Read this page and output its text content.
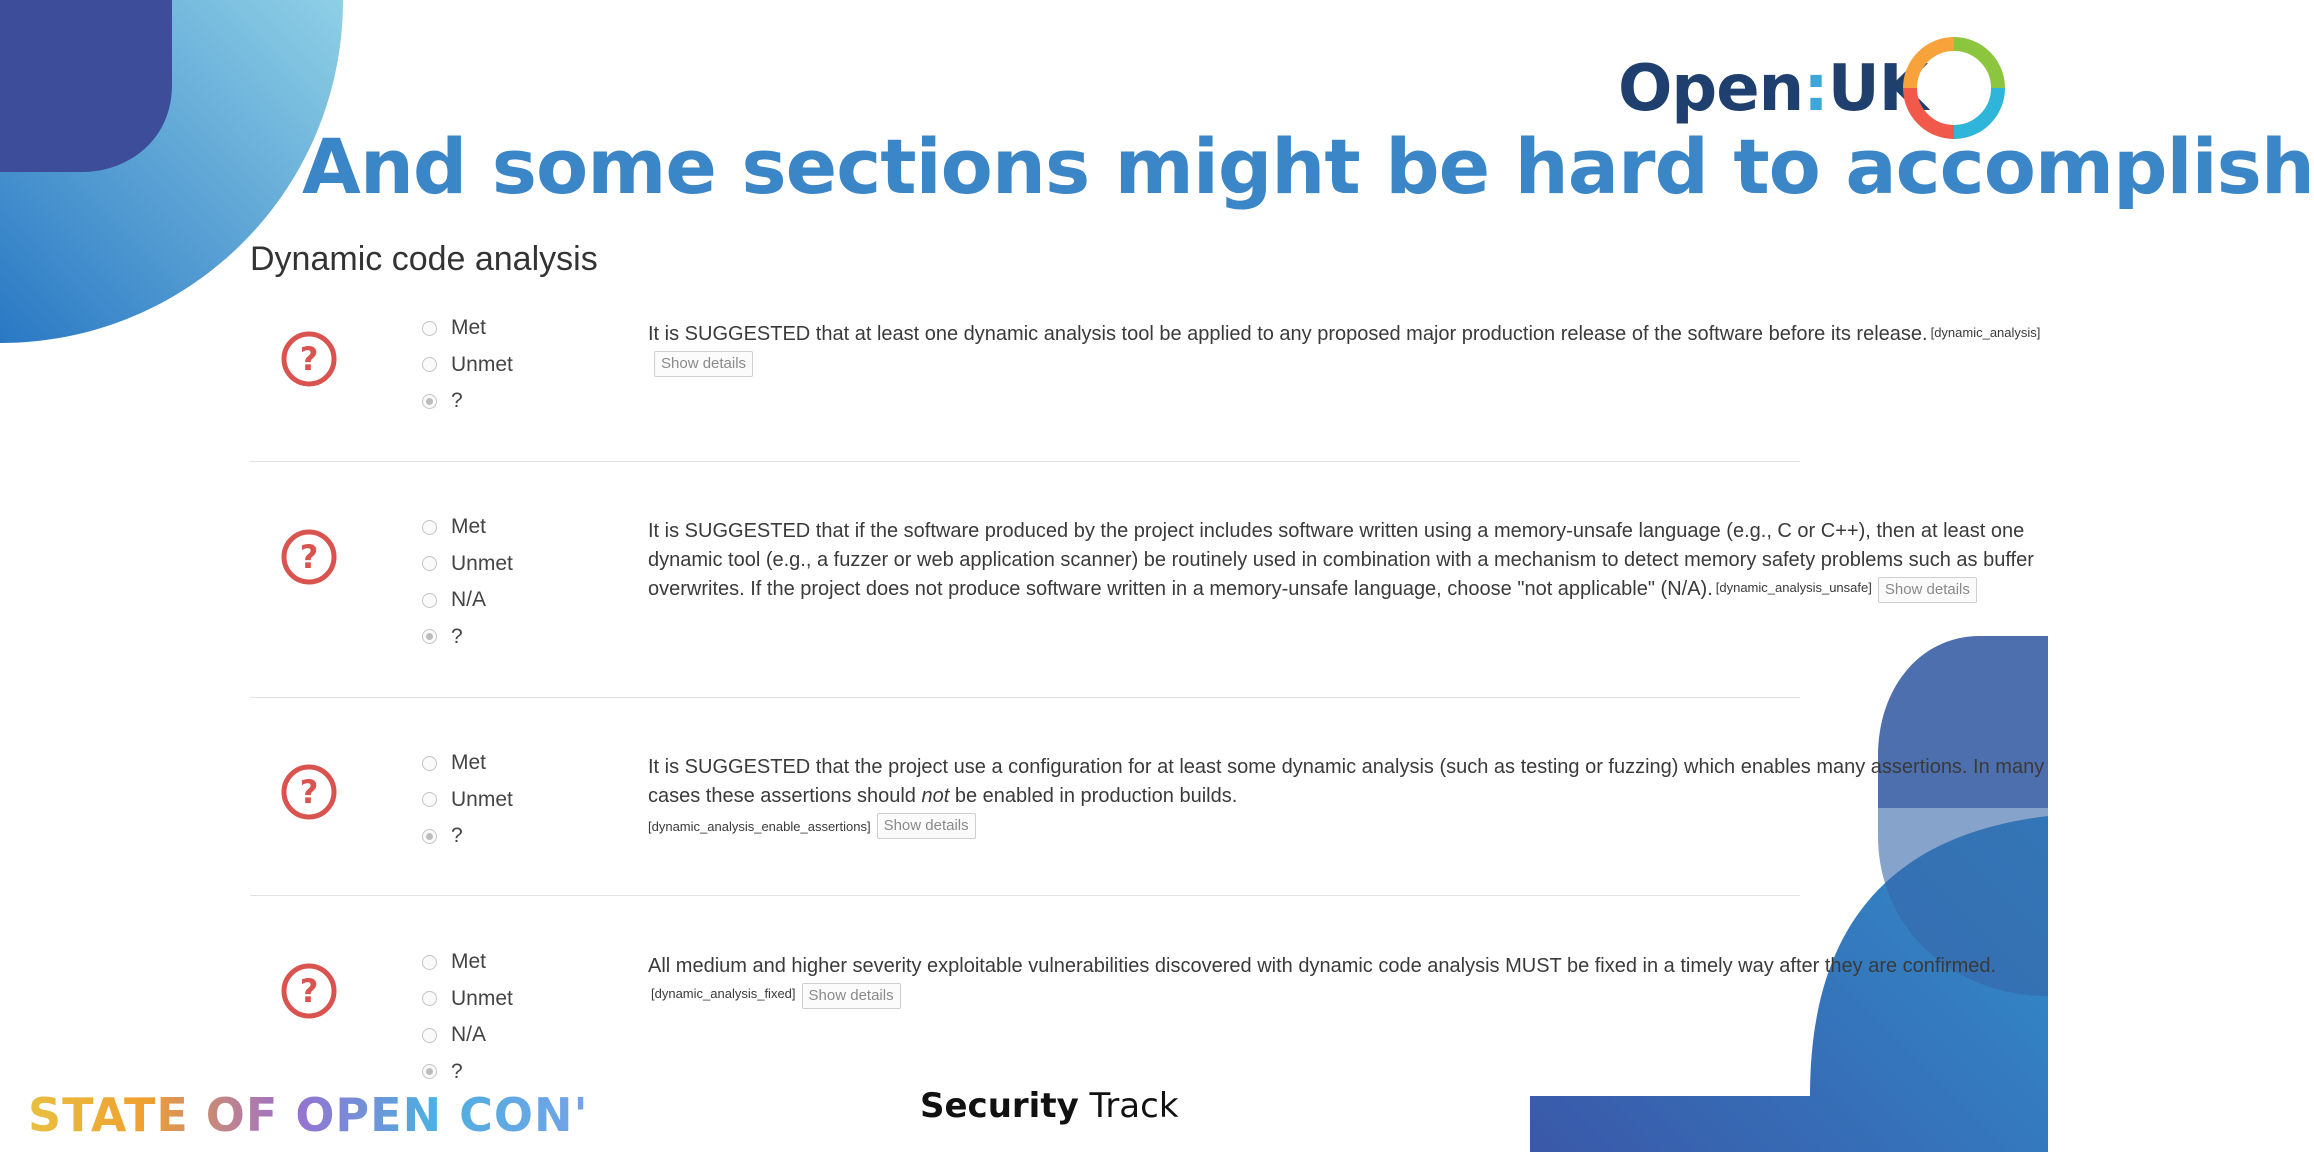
Open:UK
And some sections might be hard to accomplish
Dynamic code analysis
?
Met
Unmet
?
It is SUGGESTED that at least one dynamic analysis tool be applied to any proposed major production release of the software before its release. [dynamic_analysis]Show details
?
Met
Unmet
N/A
?
It is SUGGESTED that if the software produced by the project includes software written using a memory-unsafe language (e.g., C or C++), then at least one dynamic tool (e.g., a fuzzer or web application scanner) be routinely used in combination with a mechanism to detect memory safety problems such as buffer overwrites. If the project does not produce software written in a memory-unsafe language, choose "not applicable" (N/A). [dynamic_analysis_unsafe] Show details
?
Met
Unmet
?
It is SUGGESTED that the project use a configuration for at least some dynamic analysis (such as testing or fuzzing) which enables many assertions. In many cases these assertions should not be enabled in production builds.
[dynamic_analysis_enable_assertions] Show details
?
Met
Unmet
N/A
?
All medium and higher severity exploitable vulnerabilities discovered with dynamic code analysis MUST be fixed in a timely way after they are confirmed.[dynamic_analysis_fixed] Show details
STATE OF OPEN CON' 24	Security Track
